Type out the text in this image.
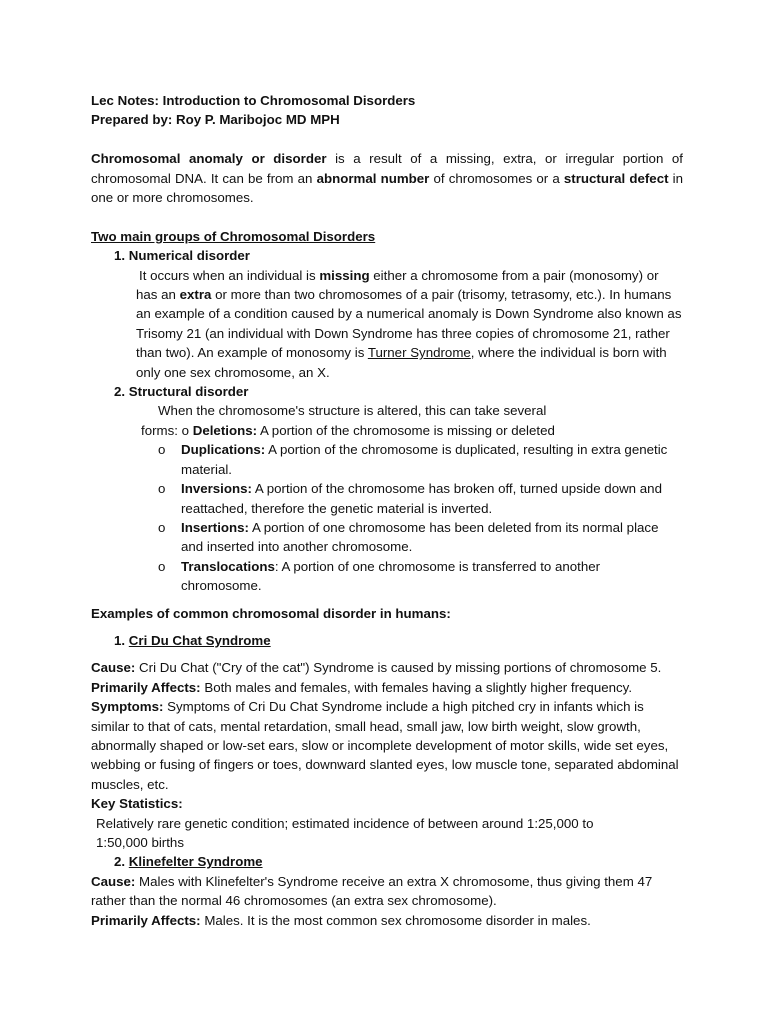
Lec Notes: Introduction to Chromosomal Disorders

Prepared by: Roy P. Maribojoc MD MPH

Chromosomal anomaly or disorder is a result of a missing, extra, or irregular portion of chromosomal DNA. It can be from an abnormal number of chromosomes or a structural defect in one or more chromosomes.

Two main groups of Chromosomal Disorders

1. Numerical disorder

It occurs when an individual is missing either a chromosome from a pair (monosomy) or has an extra or more than two chromosomes of a pair (trisomy, tetrasomy, etc.). In humans an example of a condition caused by a numerical anomaly is Down Syndrome also known as Trisomy 21 (an individual with Down Syndrome has three copies of chromosome 21, rather than two). An example of monosomy is Turner Syndrome, where the individual is born with only one sex chromosome, an X.

2. Structural disorder

When the chromosome's structure is altered, this can take several

forms: o Deletions: A portion of the chromosome is missing or deleted

o	Duplications: A portion of the chromosome is duplicated, resulting in extra genetic material.
o	Inversions: A portion of the chromosome has broken off, turned upside down and reattached, therefore the genetic material is inverted.
o	Insertions: A portion of one chromosome has been deleted from its normal place and inserted into another chromosome.
o	Translocations: A portion of one chromosome is transferred to another chromosome.

Examples of common chromosomal disorder in humans:

1. Cri Du Chat Syndrome

Cause: Cri Du Chat ("Cry of the cat") Syndrome is caused by missing portions of chromosome 5.

Primarily Affects: Both males and females, with females having a slightly higher frequency.

Symptoms: Symptoms of Cri Du Chat Syndrome include a high pitched cry in infants which is similar to that of cats, mental retardation, small head, small jaw, low birth weight, slow growth, abnormally shaped or low-set ears, slow or incomplete development of motor skills, wide set eyes, webbing or fusing of fingers or toes, downward slanted eyes, low muscle tone, separated abdominal muscles, etc.

Key Statistics:

Relatively rare genetic condition; estimated incidence of between around 1:25,000 to

1:50,000 births

2. Klinefelter Syndrome

Cause: Males with Klinefelter's Syndrome receive an extra X chromosome, thus giving them 47 rather than the normal 46 chromosomes (an extra sex chromosome).

Primarily Affects: Males. It is the most common sex chromosome disorder in males.
